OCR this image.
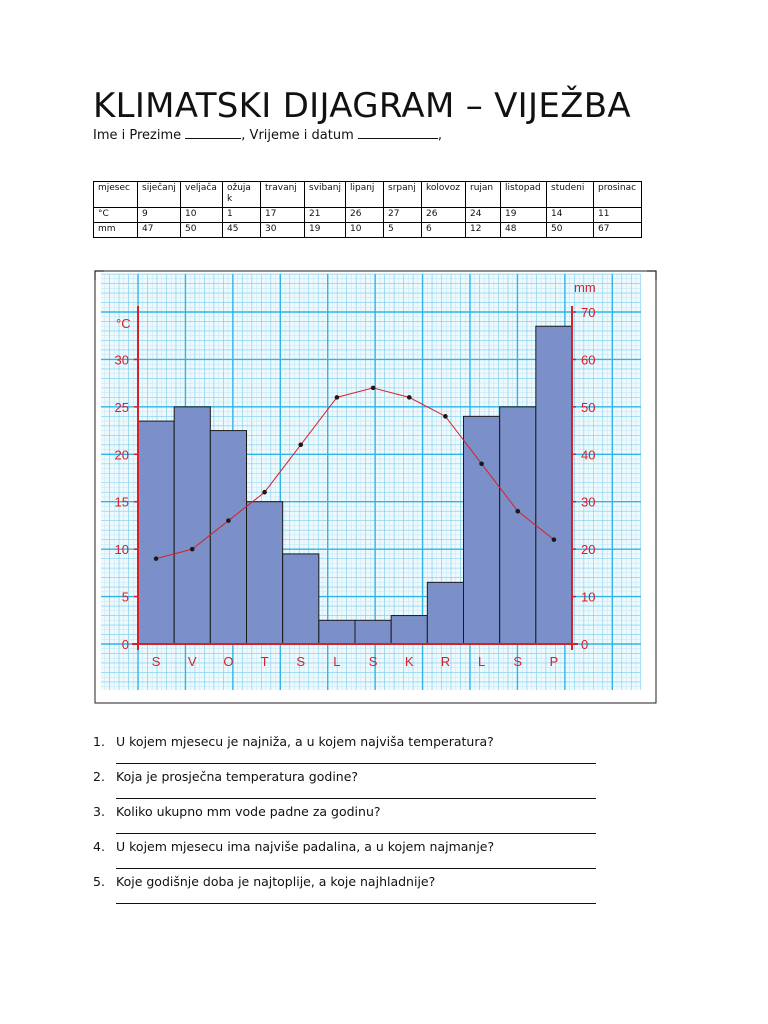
KLIMATSKI DIJAGRAM – VIJEŽBA
Ime i Prezime	, Vrijeme i datum	,
mjesec	siječanj	veljača	ožujak	travanj	svibanj	lipanj	srpanj	kolovoz	rujan	listopad	studeni	prosinac
°C	9	10	1	17	21	26	27	26	24	19	14	11
mm	47	50	45	30	19	10	5	6	12	48	50	67
0
5
10
15
20
25
30
0
10
20
30
40
50
60
70
°C
mm
S V O T S L S K R L S P
1. U kojem mjesecu je najniža, a u kojem najviša temperatura?
2. Koja je prosječna temperatura godine?
3. Koliko ukupno mm vode padne za godinu?
4. U kojem mjesecu ima najviše padalina, a u kojem najmanje?
5. Koje godišnje doba je najtoplije, a koje najhladnije?
